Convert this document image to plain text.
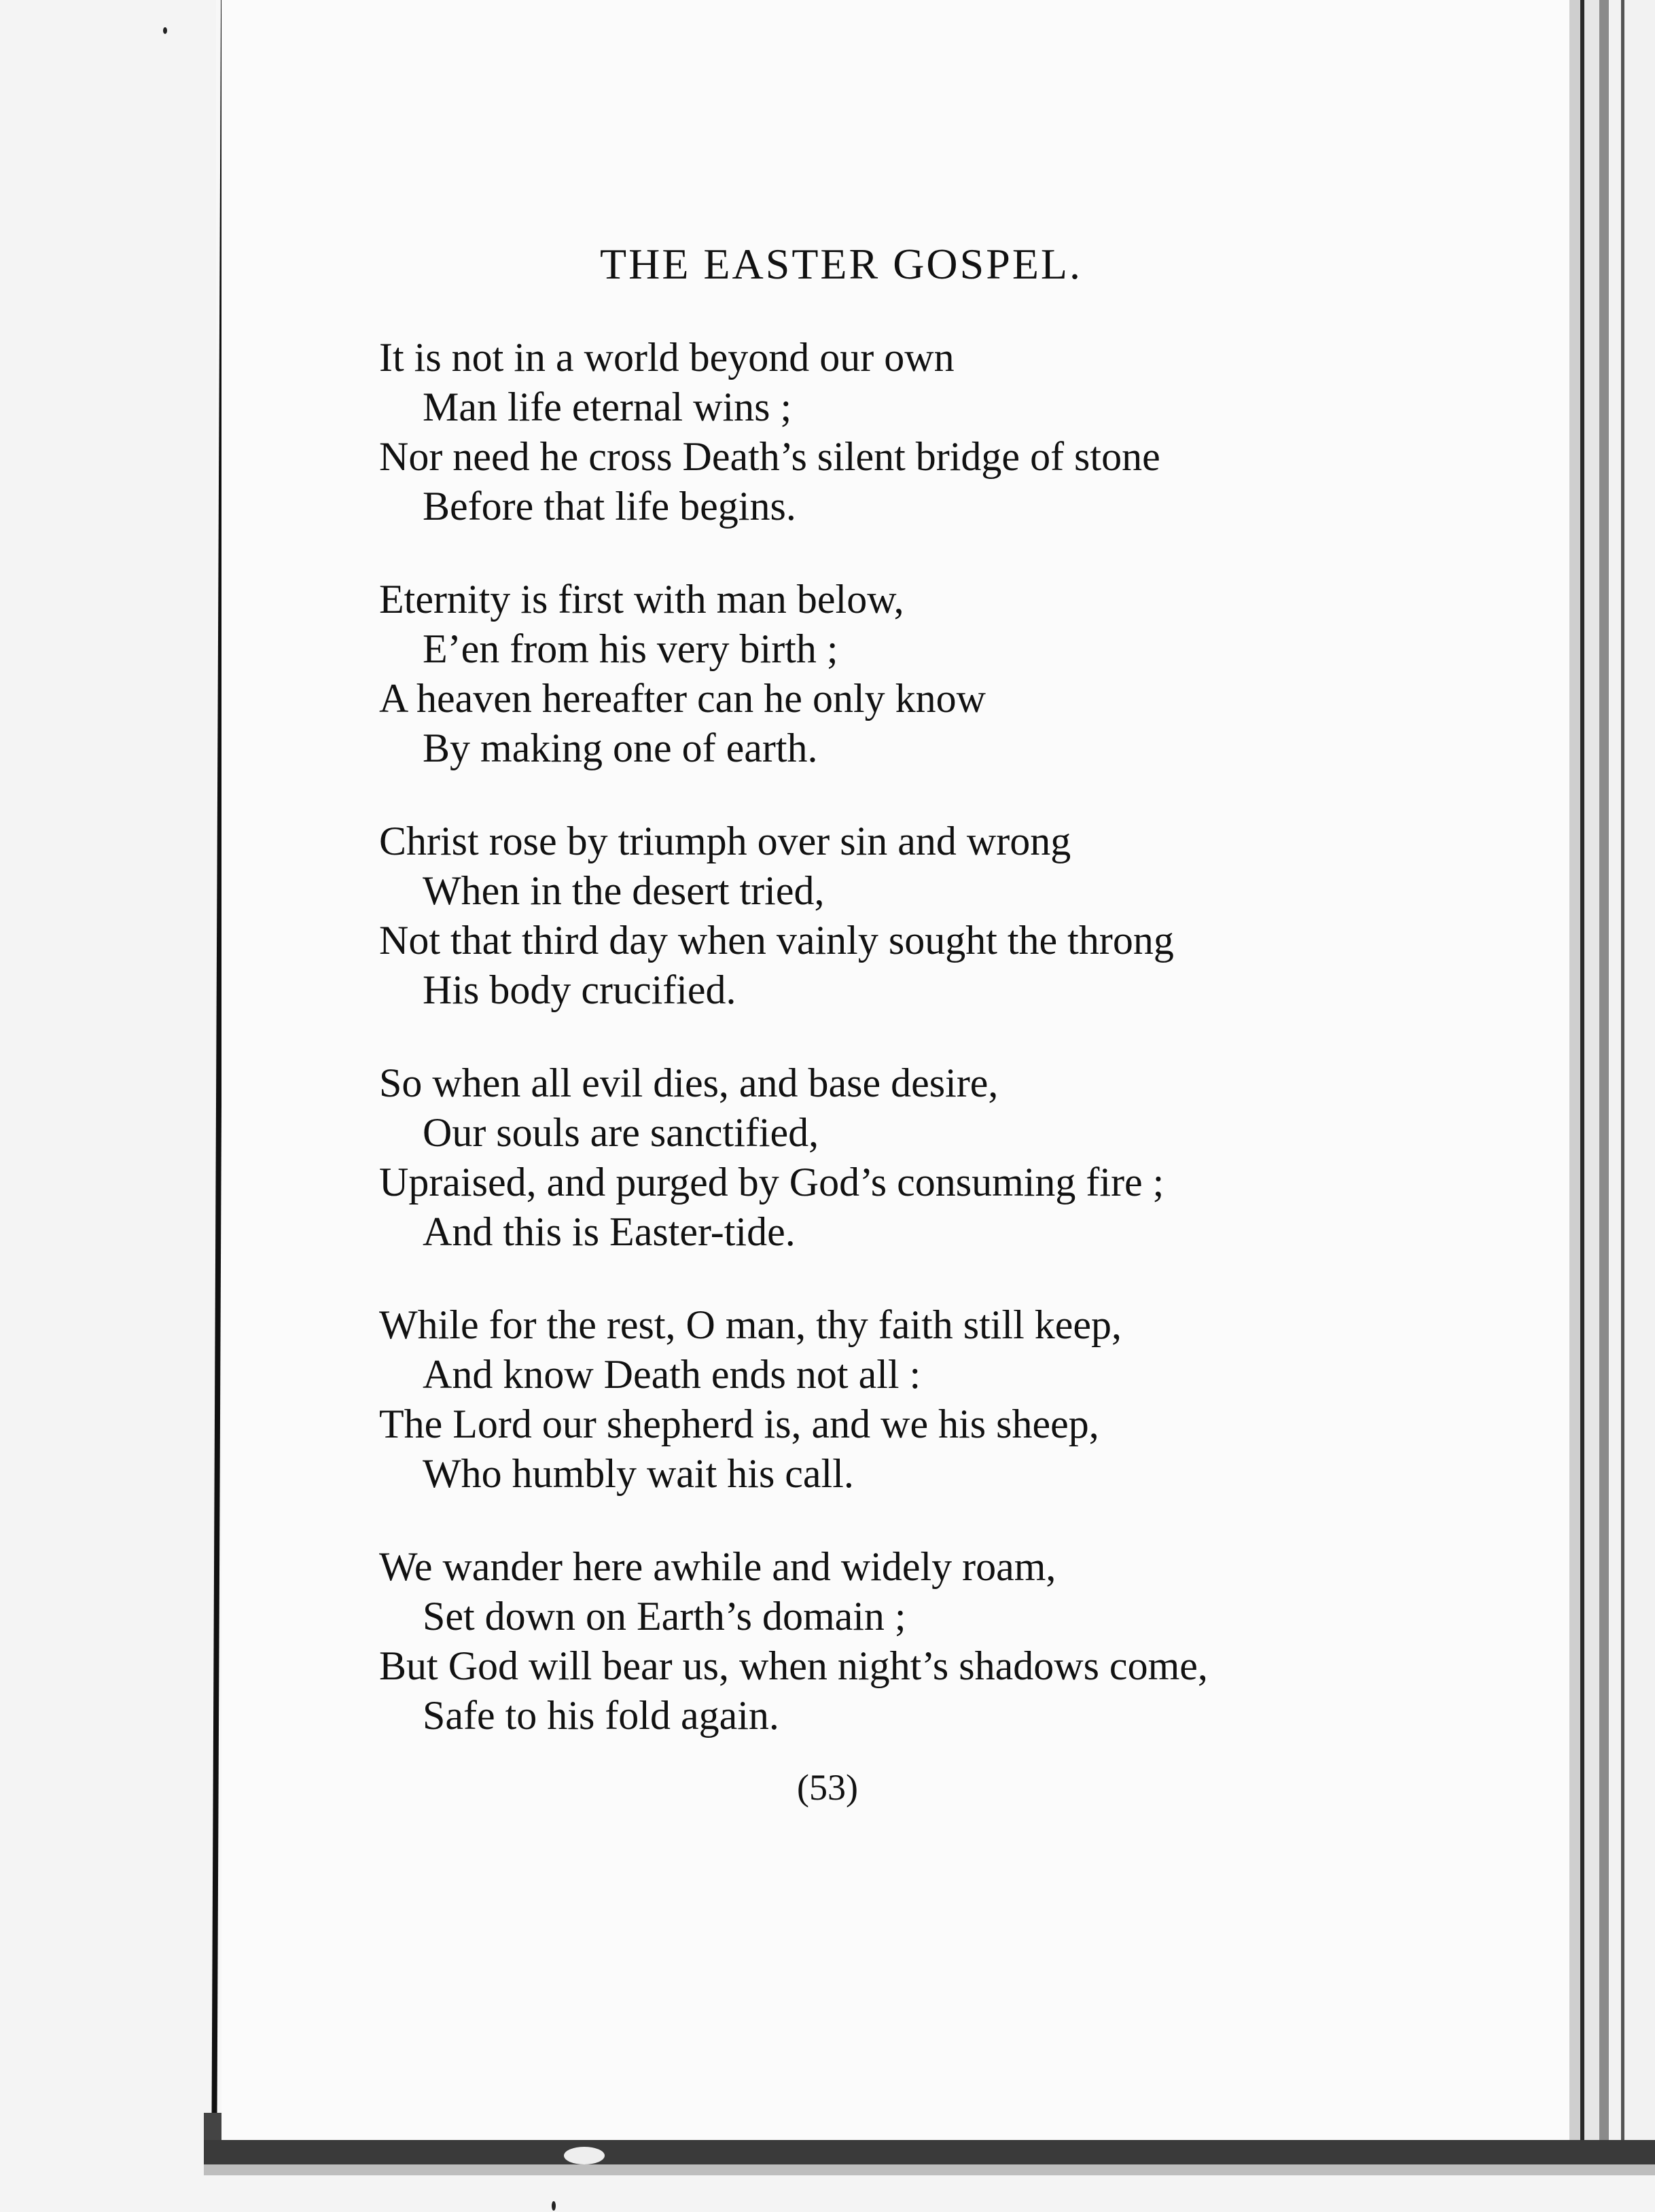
THE EASTER GOSPEL.
It is not in a world beyond our own
Man life eternal wins ;
Nor need he cross Death’s silent bridge of stone
Before that life begins.
Eternity is first with man below,
E’en from his very birth ;
A heaven hereafter can he only know
By making one of earth.
Christ rose by triumph over sin and wrong
When in the desert tried,
Not that third day when vainly sought the throng
His body crucified.
So when all evil dies, and base desire,
Our souls are sanctified,
Upraised, and purged by God’s consuming fire ;
And this is Easter-tide.
While for the rest, O man, thy faith still keep,
And know Death ends not all :
The Lord our shepherd is, and we his sheep,
Who humbly wait his call.
We wander here awhile and widely roam,
Set down on Earth’s domain ;
But God will bear us, when night’s shadows come,
Safe to his fold again.
(53)
